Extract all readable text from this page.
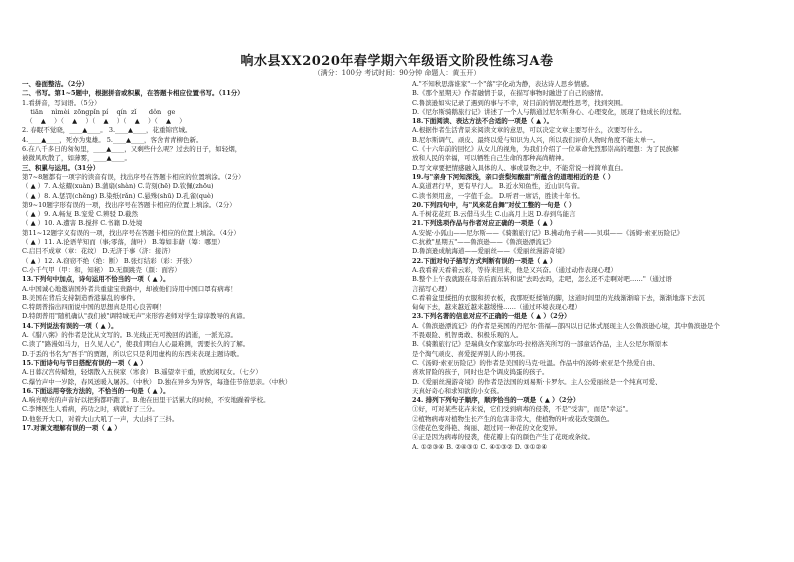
响水县XX2020年春学期六年级语文阶段性练习A卷
（满分：100分 考试时间：90分钟 命题人：黄玉开）
一、卷面整洁。（2分）
二、书写。第1~5题中，根据拼音或积累，在答题卡相应位置书写。（11分）
1.看拼音，写词语。（5分）
tiān    nìmèi  zōngpǐn pí    qín  zǐ      dǒn   ge
（    ▲    ）（    ▲    ）（    ▲    ）（    ▲    ）（    ▲    ）
2. 春眠不觉晓，____▲____。 3.____▲____，花重锦官城。
4.____▲____，死亦为鬼雄。 5.____▲____，客舍青青柳色新。
6.在八千多日的匆匆里，____▲____，又剩些什么呢？过去的日子，如轻烟，
被微风吹散了，如薄雾，____▲____。
三、积累与运用。（31分）
第7~8题都有一项字的读音有误，找出序号在答题卡相应的位置填涂。（2分）
（ ▲ ）7. A.炫耀(xuàn) B.蒲扇(shàn) C.苛刻(hē) D.钦佩(zhōu)
（ ▲ ）8. A.惩罚(chěng) B.染纸(rǎn) C.悬殊(shū) D.孔雀(què)
第9~10题字形有误的一项，找出序号在答题卡相应的位置上填涂。（2分）
（ ▲ ）9. A.畅复 B.宠爱 C.辨驳 D.截然
（ ▲ ）10. A.遭害 B.搅拌 C.书籍 D.处境
第11~12题字义有误的一项，找出序号在答题卡相应的位置上填涂。（4分）
（ ▲ ）11. A.论语苹知而（事;零落，蒲叶） B.筹如非藉（筹：哪里）
C.启目不成章（章：花纹） D.无济于事（济：接济）
（ ▲ ）12. A.窃窃不绝（绝：断） B.张灯结彩（彩：开张）
C.小千气甲（甲：和，知秘） D.无颜跳壳（颜：面容）
13.下列句中加点，诗句运用不恰当的一项（ ▲ ）。
A.中国诚心地邀请国外者共重建宝贵路中，却被他们诗用中国口罩有病毒！
B.美国在背后支持制造香港暴乱的事件。
C.特朗普指出四面说中国的思想真是用心良苦啊！
D.特朗普用"随机确认"我们被"调特城无声"来形容老师对学生谆谆教导的真谛。
14.下列说法有误的一项（ ▲ ）。
A.《腊八粥》的作者是沈从文写的。B.光线正无可挽回的消逝，一派光凉。
C.读了"路漫如马力，日久见人心"，使我们明白人心最难测，需要长久的了解。
D.于丢的书名为"吾手"的贾题，所以它只是利用虚构的东西来表现主题诗歌。
15.下面诗句与节日搭配有误的一项（ ▲ ）
A.日暮汉宫传蜡烛，轻烟散入五侯家（寒食） B.遥望幸干重，欧欧闲叹女。（七夕）
C.爆竹声中一岁除，春风送暖入屠苏。（中秋） D.独在异乡为异客，每逢佳节倍思亲。（中秋）
16.下面运用夸张方法的，不恰当的一句是（ ▲ ）。
A.响亮嘹亮的声音好以把狗都吓跑了。B.他在田里干活累大的时候，不安地躁着学校。
C.李博医生人看病，药功之时，病就好了三分。
D.他张开大口，对着大山大吼了一声，大山抖了三抖。
17.对课文理解有误的一项（ ▲ ）
A."不知秋思落谁家"一个"落"字化动为静，表达诗人思乡情感。
B.《那个星期天》作者融情于景，在描写事物时融进了自己的感情。
C.鲁滨逊如实记录了遇到的事与不幸，对目前的情况理性思考，找到突围。
D.《尼尔斯骑鹅旅行记》讲述了一个人与鹅通过尼尔斯身心、心理变化，展现了他成长的过程。
18.下面阅读、表达方法不合适的一项是（ ▲ ）。
A.根据作者生活背景来阅读文章的意思，可以决定文章主要写什么，次要写什么。
B.尼尔斯调气、顽皮、最终以爱与知识为人兴，所以我们评价人物时角度不能太单一。
C.《十六年前的回忆》从女儿的视角，为我们介绍了一位革命先烈那崇高的理想：为了民族解
放和人民的幸福，可以牺牲自己生命的那种高尚精神。
D.写文章要把情感融入具体的人、事或景物之中，不能常说一样简单直白。
19.与"亲身下河知深浅，亲口尝梨知酸甜"所蕴含的道理相近的是（ ）
A.莫道君行早，更有早行人。 B.近水知鱼性，近山识鸟音。
C.读书须用意，一字值千金。 D.听君一席话，胜读十年书。
20.下列四句中，与"风来花自舞"对仗工整的一句是（ ）
A.千树花花红 B.云借马头生 C.山高月上迟 D.春到鸟能言
21.下列选项作品与作者对应正确的一项是（ ▲ ）
A.安妮·小狐山——尼尔斯——《骑鹅旅行记》B.拂动角子莉——贝琪——《汤姆·索亚历险记》
C.抗救"星期五"——鲁滨逊——《鲁滨逊漂流记》
D.鲁滨逊成航海道——爱丽丝——《爱丽丝漫游奇境》
22.下面对句子描写方式判断有误的一项是（ ▲ ）
A.我看着天看着云彩，等待来回来，他是又兴奋。（通过动作表现心理）
B.整个上午我就跟在母亲后面东转和说"去吗去吗，走吧，怎么还不走啊对吧……"（通过语
言描写心理）
C.看着盆里揉扭的衣服和搓衣板，我那贬贬揉皱的脚，这道时间里的光线渐渐暗下去，渐渐地落下去沉
甸甸下去，越来越近越来越缓慢……（通过环境表现心理）
23.下列名著的信息对应不正确的一组是（ ▲ ）（2分）
A.《鲁滨逊漂流记》的作者是英国的丹尼尔·笛福—部四以日记体式展现主人公鲁滨逊心境，其中鲁滨逊是个
不畏艰险、机智勇敢、积极乐观的人。
B.《骑鹅旅行记》是瑞典女作家塞尔玛·拉格洛芙所写的一部童话作品，主人公尼尔斯原本
是个淘气顽皮、喜爱捉弄别人的小男孩。
C.《汤姆·索亚历险记》的作者是美国的马克·吐温。作品中的汤姆·索亚是个热爱自由、
喜欢冒险的孩子，同时也是个调皮捣蛋的孩子。
D.《爱丽丝漫游奇境》的作者是法国的刘易斯·卡罗尔。主人公爱丽丝是一个纯真可爱、
天真好奇心和求知欲的小女孩。
24. 排列下列句子顺序，顺序恰当的一项是（ ▲ ）（2分）
①好，可对某些花卉来说，它们受到病毒的侵袭，不是"受害"，而是"幸运"。
②植物病毒对植物生长产生的危害非常大，使植物的叶或花改变颜色。
③使花色变得艳、绚丽、超过同一种花的文化变异。
④正是因为病毒的侵袭，使花瓣上有的颜色产生了花斑或条纹。
A. ①②③④ B. ②④③① C. ④①③② D. ③①②④
